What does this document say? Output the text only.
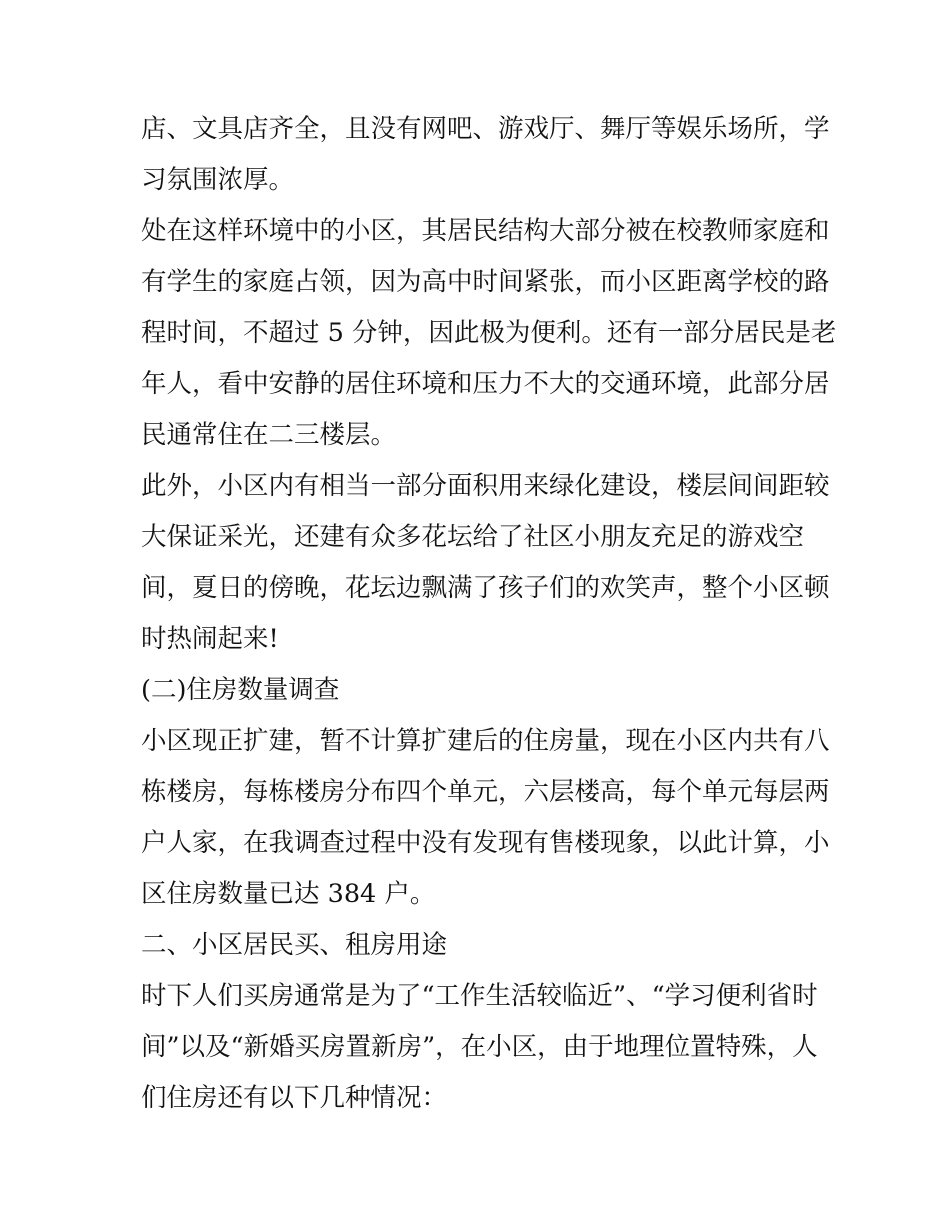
店、文具店齐全，且没有网吧、游戏厅、舞厅等娱乐场所，学

习氛围浓厚。

处在这样环境中的小区，其居民结构大部分被在校教师家庭和

有学生的家庭占领，因为高中时间紧张，而小区距离学校的路

程时间，不超过 5 分钟，因此极为便利。还有一部分居民是老

年人，看中安静的居住环境和压力不大的交通环境，此部分居

民通常住在二三楼层。

此外，小区内有相当一部分面积用来绿化建设，楼层间间距较

大保证采光，还建有众多花坛给了社区小朋友充足的游戏空

间，夏日的傍晚，花坛边飘满了孩子们的欢笑声，整个小区顿

时热闹起来!

(二)住房数量调查

小区现正扩建，暂不计算扩建后的住房量，现在小区内共有八

栋楼房，每栋楼房分布四个单元，六层楼高，每个单元每层两

户人家，在我调查过程中没有发现有售楼现象，以此计算，小

区住房数量已达 384 户。

二、小区居民买、租房用途

时下人们买房通常是为了“工作生活较临近”、“学习便利省时

间”以及“新婚买房置新房”，在小区，由于地理位置特殊，人

们住房还有以下几种情况：
